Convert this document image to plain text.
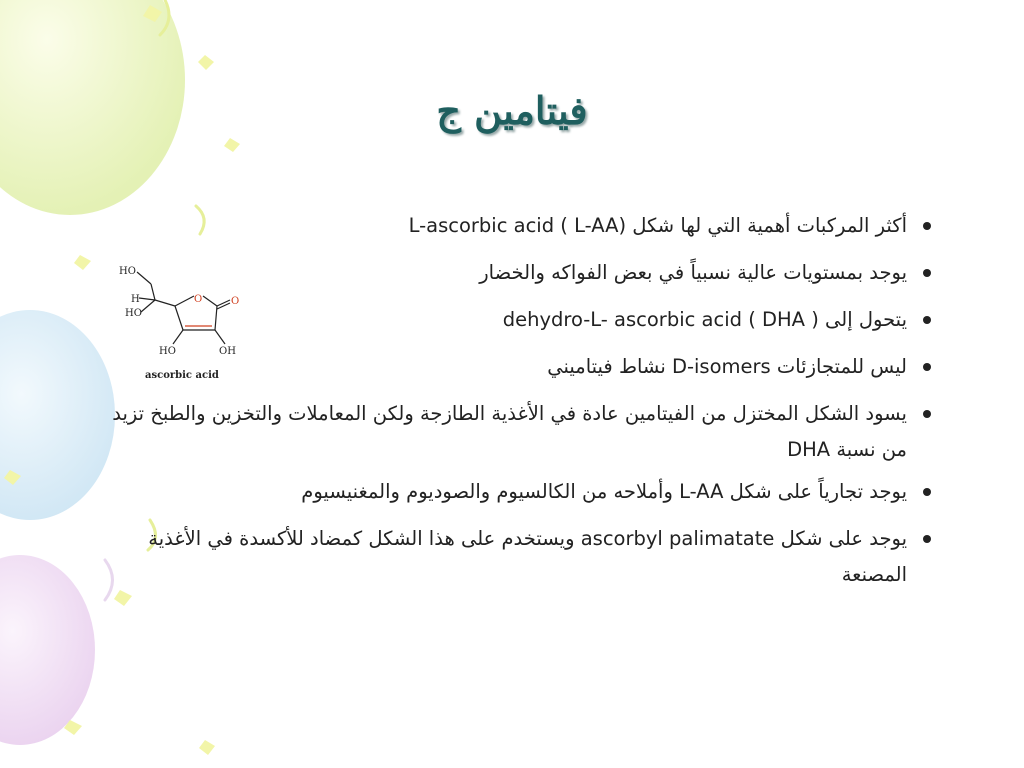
فيتامين ج
HO
H
HO
O	O
HO	OH
ascorbic acid
أكثر المركبات أهمية التي لها شكل (L-ascorbic acid ( L-AA
يوجد بمستويات عالية نسبياً في بعض الفواكه والخضار
يتحول إلى dehydro-L- ascorbic acid ( DHA )
ليس للمتجازئات D-isomers نشاط فيتاميني
يسود الشكل المختزل من الفيتامين عادة في الأغذية الطازجة ولكن المعاملات والتخزين والطبخ تزيد من نسبة DHA
يوجد تجارياً على شكل L-AA وأملاحه من الكالسيوم والصوديوم والمغنيسيوم
يوجد على شكل ascorbyl palimatate ويستخدم على هذا الشكل كمضاد للأكسدة في الأغذية المصنعة
